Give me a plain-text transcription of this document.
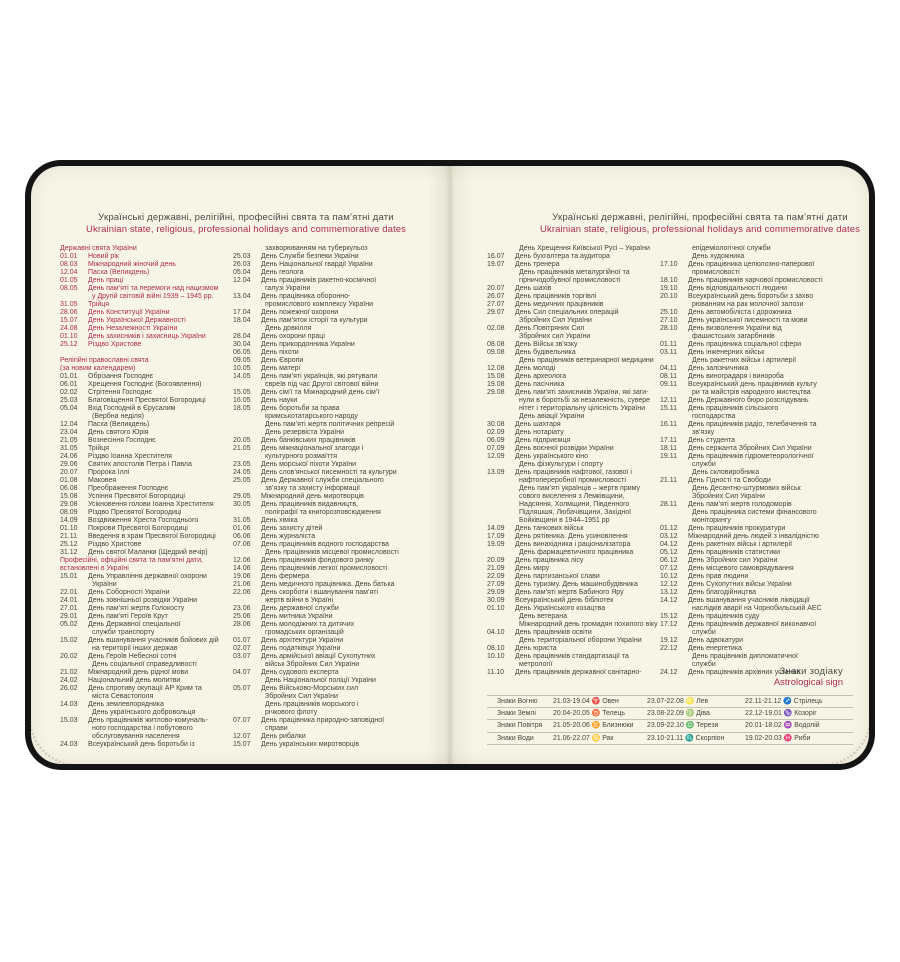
Українські державні, релігійні, професійні свята та пам’ятні дати
Ukrainian state, religious, professional holidays and commemorative dates
Українські державні, релігійні, професійні свята та пам’ятні дати
Ukrainian state, religious, professional holidays and commemorative dates
Державні свята України
01.01	Новий рік
08.03	Міжнародний жіночий день
12.04	Пасха (Великдень)
01.05	День праці
08.05	День пам’яті та перемоги над нацизмом
у Другій світовій війні 1939 – 1945 рр.
31.05	Трійця
28.06	День Конституції України
15.07	День Української Державності
24.08	День Незалежності України
01.10	День захисників і захисниць України
25.12	Різдво Христове
Релігійні православні свята
(за новим календарем)
01.01	Обрізання Господнє
06.01	Хрещення Господнє (Богоявлення)
02.02	Стрітення Господнє
25.03	Благовіщення Пресвятої Богородиці
05.04	Вхід Господній в Єрусалим
(Вербна неділя)
12.04	Пасха (Великдень)
23.04	День святого Юрія
21.05	Вознесіння Господнє
31.05	Трійця
24.06	Різдво Іоанна Хрестителя
29.06	Святих апостолів Петра і Павла
20.07	Пророка Іллі
01.08	Маковея
06.08	Преображення Господнє
15.08	Успіння Пресвятої Богородиці
29.08	Усікновення голови Іоанна Хрестителя
08.09	Різдво Пресвятої Богородиці
14.09	Воздвиження Хреста Господнього
01.10	Покрови Пресвятої Богородиці
21.11	Введення в храм Пресвятої Богородиці
25.12	Різдво Христове
31.12	День святої Маланки (Щедрий вечір)
Професійні, офіційні свята та пам’ятні дати,
встановлені в Україні
15.01	День Управління державної охорони
України
22.01	День Соборності України
24.01	День зовнішньої розвідки України
27.01	День пам’яті жертв Голокосту
29.01	День пам’яті Героїв Крут
05.02	День Державної спеціальної
служби транспорту
15.02	День вшанування учасників бойових дій
на території інших держав
20.02	День Героїв Небесної сотні
День соціальної справедливості
21.02	Міжнародний день рідної мови
24.02	Національний день молитви
26.02	День спротиву окупації АР Крим та
міста Севастополя
14.03	День землевпорядника
День українського добровольця
15.03	День працівників житлово-комуналь-
ного господарства і побутового
обслуговування населення
24.03	Всеукраїнський день боротьби із
захворюванням на туберкульоз
25.03	День Служби безпеки України
26.03	День Національної гвардії України
05.04	День геолога
12.04	День працівників ракетно-космічної
галузі України
13.04	День працівника оборонно-
промислового комплексу України
17.04	День пожежної охорони
18.04	День пам’яток історії та культури
День довкілля
28.04	День охорони праці
30.04	День прикордонника України
06.05	День піхоти
09.05	День Європи
10.05	День матері
14.05	День пам’яті українців, які рятували
євреїв під час Другої світової війни
15.05	День сім’ї та Міжнародний день сім’ї
16.05	День науки
18.05	День боротьби за права
кримськотатарського народу
День пам’яті жертв політичних репресій
День резервіста України
20.05	День банківських працівників
21.05	День міжнаціональної злагоди і
культурного розмаїття
23.05	День морської піхоти України
24.05	День слов’янської писемності та культури
25.05	День Державної служби спеціального
зв’язку та захисту інформації
29.05	Міжнародний день миротворців
30.05	День працівників видавництв,
поліграфії та книгорозповсюдження
31.05	День хіміка
01.06	День захисту дітей
06.06	День журналіста
07.06	День працівників водного господарства
День працівників місцевої промисловості
12.06	День працівників фондового ринку
14.06	День працівників легкої промисловості
19.06	День фермера
21.06	День медичного працівника. День батька
22.06	День скорботи і вшанування пам’яті
жертв війни в Україні
23.06	День державної служби
25.06	День митника України
28.06	День молодіжних та дитячих
громадських організацій
01.07	День архітектури України
02.07	День податківця України
03.07	День армійської авіації Сухопутних
військ Збройних Сил України
04.07	День судового експерта
День Національної поліції України
05.07	День Військово-Морських сил
Збройних Сил України
День працівників морського і
річкового флоту
07.07	День працівника природно-заповідної
справи
12.07	День рибалки
15.07	День українських миротворців
День Хрещення Київської Русі – України
16.07	День бухгалтера та аудитора
19.07	День тренера
День працівників металургійної та
гірничодобувної промисловості
20.07	День шахів
26.07	День працівників торгівлі
27.07	День медичних працівників
29.07	День Сил спеціальних операцій
Збройних Сил України
02.08	День Повітряних Сил
Збройних сил України
08.08	День Військ зв’язку
09.08	День будівельника
День працівників ветеринарної медицини
12.08	День молоді
15.08	День археолога
19.08	День пасічника
29.08	День пам’яті захисників України, які заги-
нули в боротьбі за незалежність, сувере
нітет і територіальну цілісність України
День авіації України
30.08	День шахтаря
02.09	День нотаріату
06.09	День підприємця
07.09	День воєнної розвідки України
12.09	День українського кіно
День фізкультури і спорту
13.09	День працівників нафтової, газової і
нафтопереробної промисловості
День пам’яті українців – жертв приму
сового виселення з Лемківщини,
Надсяння, Холмщини, Південного
Підляшшя, Любачівщини, Західної
Бойківщини в 1944–1951 рр
14.09	День танкових військ
17.09	День рятівника. День усиновлення
19.09	День винахідника і раціоналізатора
День фармацевтичного працівника
20.09	День працівника лісу
21.09	День миру
22.09	День партизанської слави
27.09	День туризму. День машинобудівника
29.09	День пам’яті жертв Бабиного Яру
30.09	Всеукраїнський день бібліотек
01.10	День Українського козацтва
День ветерана
Міжнародний день громадян похилого віку
04.10	День працівників освіти
День територіальної оборони України
08.10	День юриста
10.10	День працівників стандартизації та
метрології
11.10	День працівників державної санітарно-
епідеміологічної служби
День художника
17.10	День працівника целюлозно-паперової
промисловості
18.10	День працівників харчової промисловості
19.10	День відповідальності людини
20.10	Всеукраїнський день боротьби з захво
рюванням на рак молочної залози
25.10	День автомобіліста і дорожника
27.10	День української писемності та мови
28.10	День визволення України від
фашистських загарбників
01.11	День працівника соціальної сфери
03.11	День інженерних військ
День ракетних військ і артилерії
04.11	День залізничника
08.11	День виноградаря і винороба
09.11	Всеукраїнський день працівників культу
ри та майстрів народного мистецтва
12.11	День Державного бюро розслідувань
15.11	День працівників сільського
господарства
16.11	День працівників радіо, телебачення та
зв’язку
17.11	День студента
18.11	День сержанта Збройних Сил України
19.11	День працівників гідрометеорологічної
служби
День скловиробника
21.11	День Гідності та Свободи
День Десантно-штурмових військ
Збройних Сил України
28.11	День пам’яті жертв голодоморів
День працівника системи фінансового
моніторингу
01.12	День працівників прокуратури
03.12	Міжнародний день людей з інвалідністю
04.12	День ракетних військ і артилерії
05.12	День працівників статистики
06.12	День Збройних сил України
07.12	День місцевого самоврядування
10.12	День прав людини
12.12	День Сухопутних військ України
13.12	День благодійництва
14.12	День вшанування учасників ліквідації
наслідків аварії на Чорнобильській АЕС
15.12	День працівників суду
17.12	День працівників державної виконавчої
служби
19.12	День адвокатури
22.12	День енергетика
День працівників дипломатичної
служби
24.12	День працівників архівних установ
Знаки зодіаку
Astrological sign
Знаки Вогню	21.03-19.04 ♈ Овен	23.07-22.08 ♌ Лев	22.11-21.12 ♐ Стрілець
Знаки Землі	20.04-20.05 ♉ Телець	23.08-22.09 ♍ Діва	22.12-19.01 ♑ Козоріг
Знаки Повітря	21.05-20.06 ♊ Близнюки	23.09-22.10 ♎ Терези	20.01-18.02 ♒ Водолій
Знаки Води	21.06-22.07 ♋ Рак	23.10-21.11 ♏ Скорпіон	19.02-20.03 ♓ Риби
